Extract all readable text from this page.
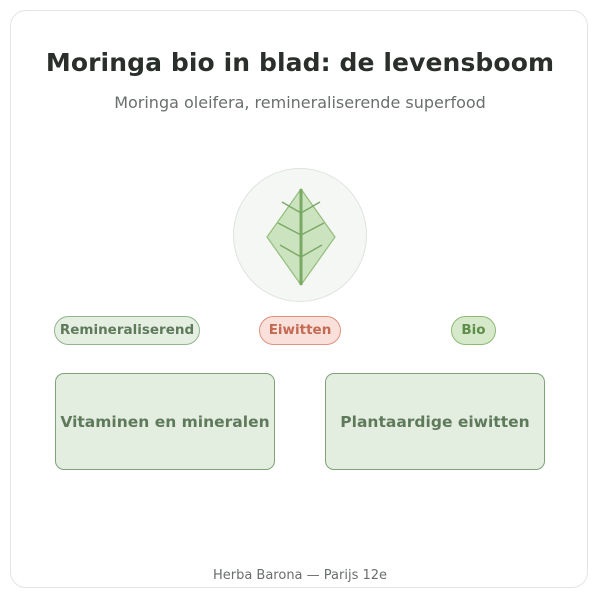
Moringa bio in blad: de levensboom
Moringa oleifera, remineraliserende superfood
Remineraliserend	Eiwitten	Bio
Vitaminen en mineralen	Plantaardige eiwitten
Herba Barona — Parijs 12e
